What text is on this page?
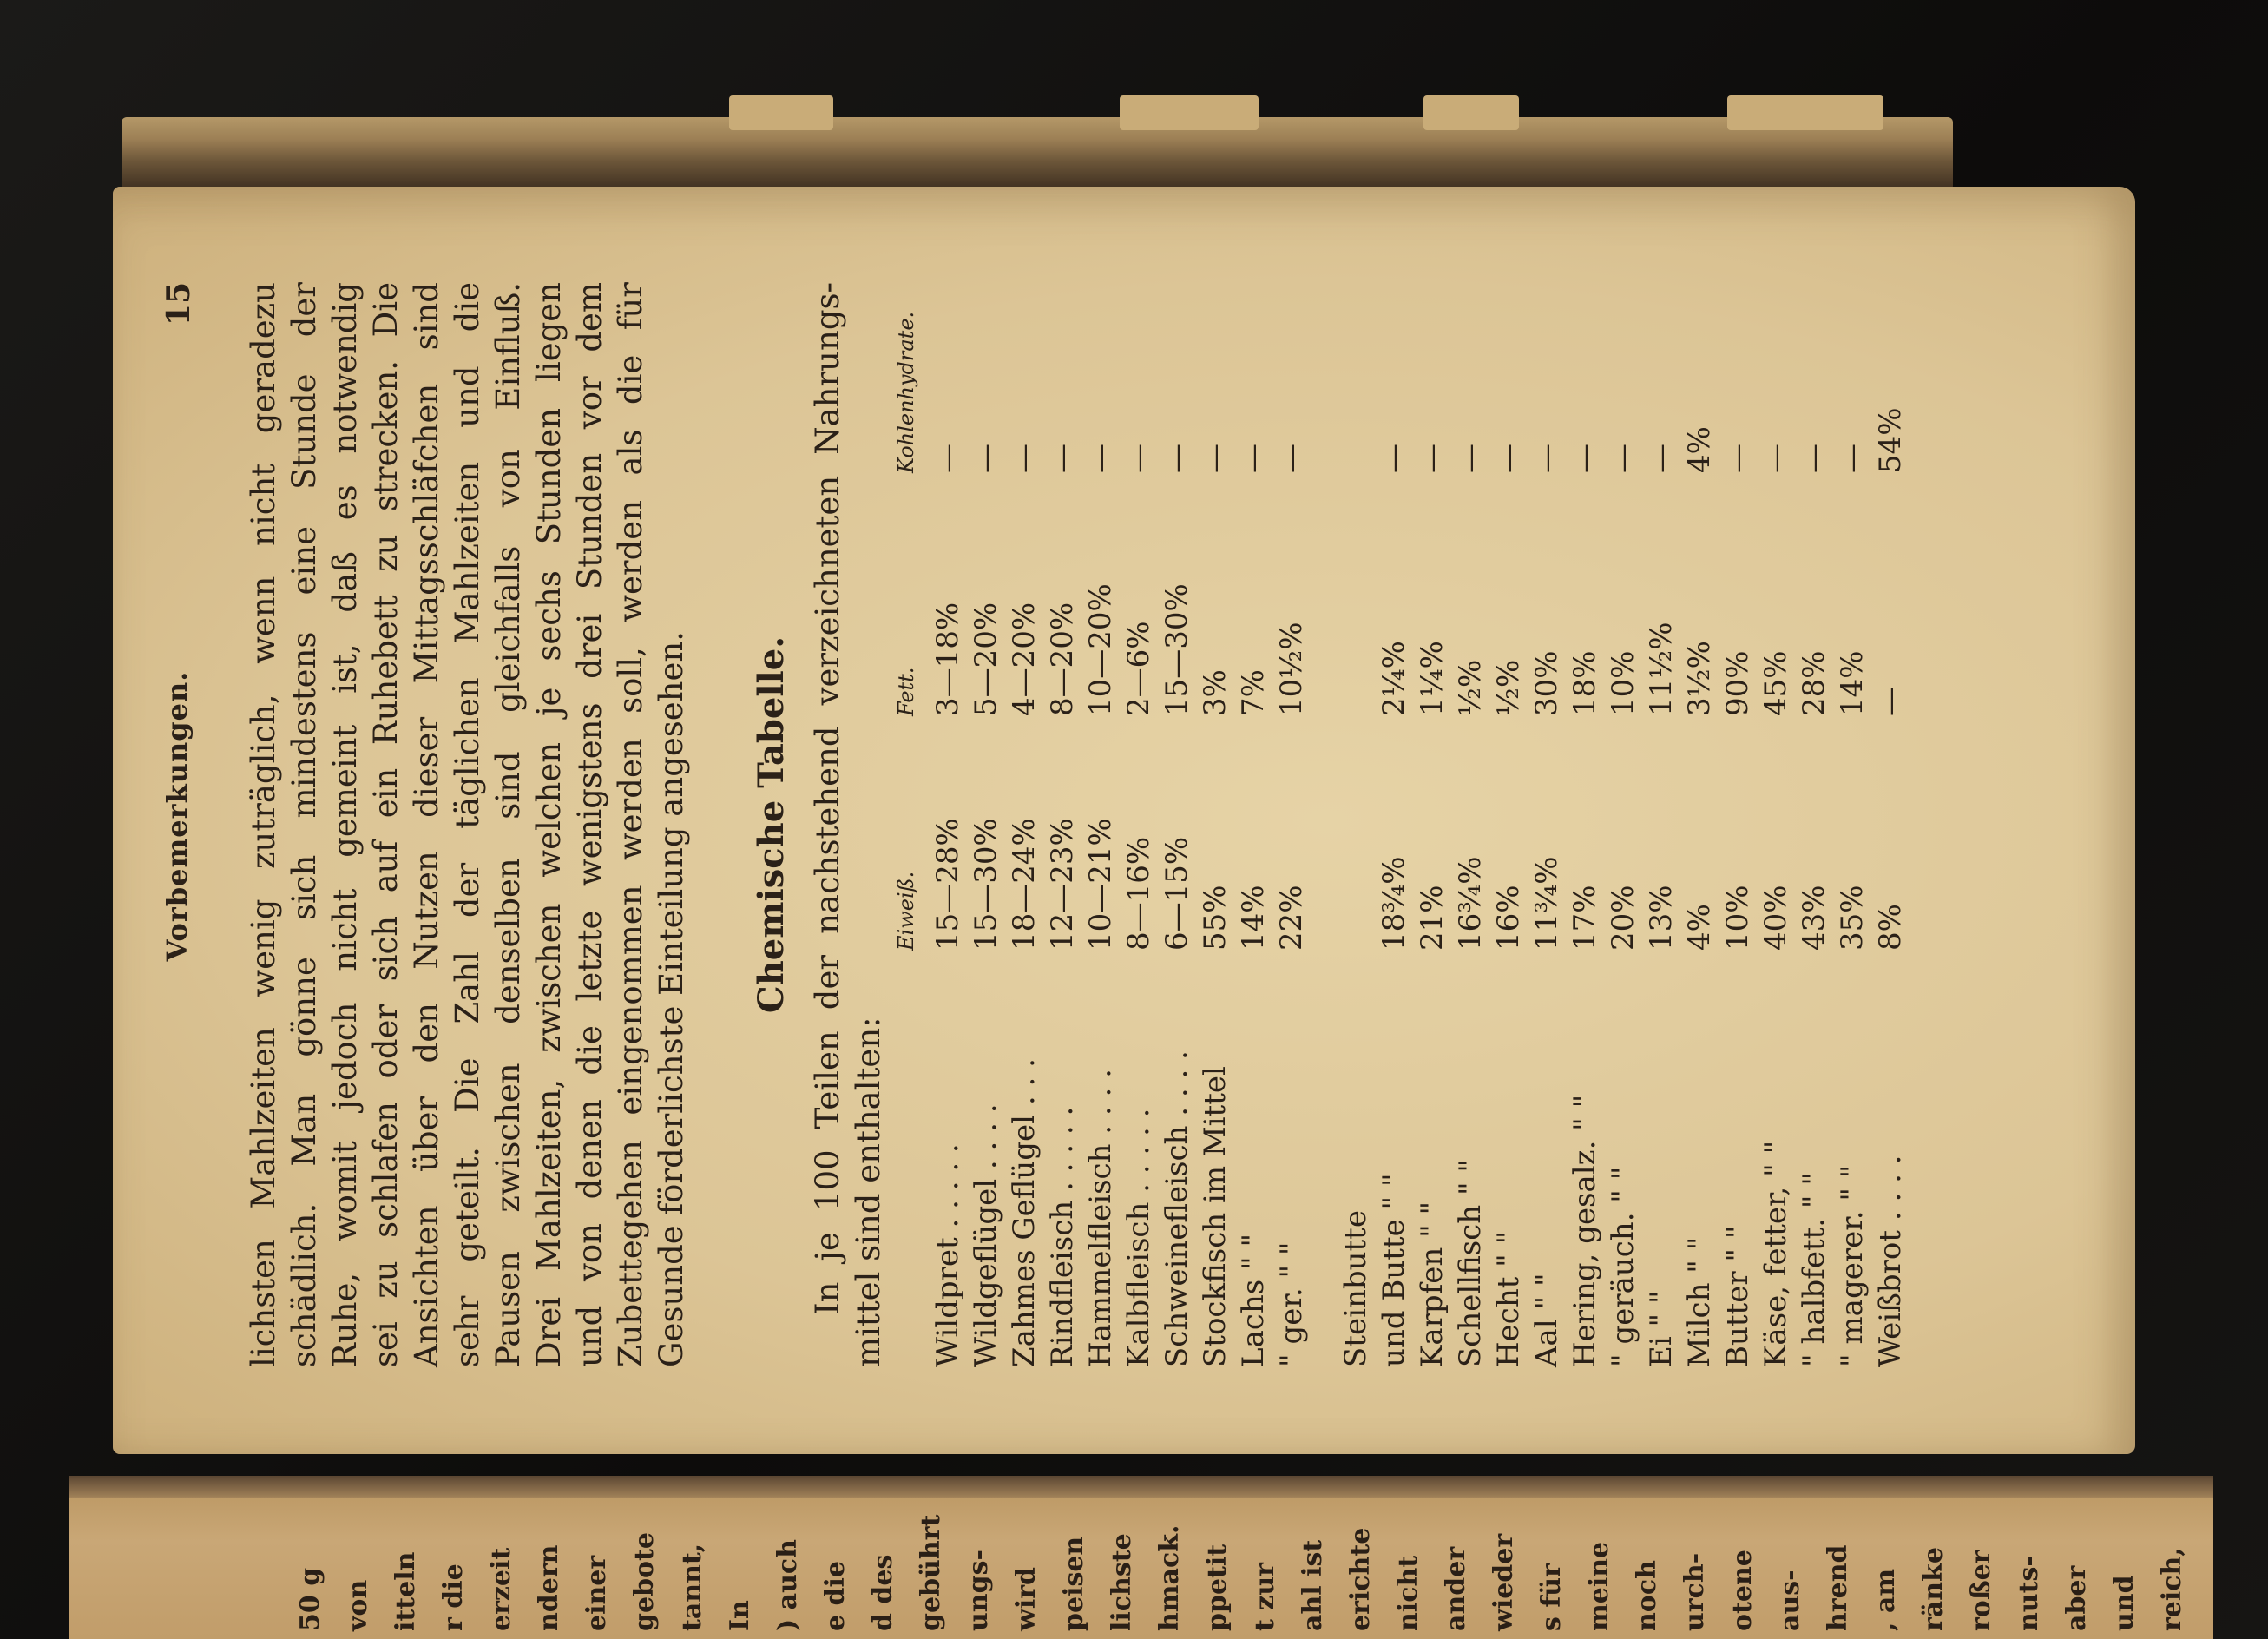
50 g von itteln r die erzeit ndern einer gebote tannt, In ) auch e die d des gebührt ungs- wird peisen lichste hmack. ppetit t zur ahl ist erichte nicht ander wieder s für meine noch urch- otene aus- hrend , am ränke roßer nuts- aber und reich,
Vorbemerkungen.
15 lichsten Mahlzeiten wenig zuträglich, wenn nicht geradezu schädlich. Man gönne sich mindestens eine Stunde der Ruhe, womit jedoch nicht gemeint ist, daß es notwendig sei zu schlafen oder sich auf ein Ruhebett zu strecken. Die Ansichten über den Nutzen dieser Mittagsschläfchen sind sehr geteilt. Die Zahl der täglichen Mahlzeiten und die Pausen zwischen denselben sind gleichfalls von Einfluß. Drei Mahlzeiten, zwischen welchen je sechs Stunden liegen und von denen die letzte wenigstens drei Stunden vor dem Zubettegehen eingenommen werden soll, werden als die für Gesunde förderlichste Einteilung angesehen. Chemische Tabelle. In je 100 Teilen der nachstehend verzeichneten Nahrungs- mittel sind enthalten:
Eiweiß.
Fett.
Kohlenhydrate.
Wildpret . . . . .
15—28%
3—18%
—
Wildgeflügel . . . .
15—30%
5—20%
—
Zahmes Geflügel . . .
18—24%
4—20%
—
Rindfleisch . . . . .
12—23%
8—20%
—
Hammelfleisch . . . .
10—21%
10—20%
—
Kalbfleisch . . . . .
8—16%
2—6%
—
Schweinefleisch . . . .
6—15%
15—30%
—
Stockfisch im Mittel
55%
3%
—
Lachs " "
14%
7%
—
" ger. " "
22%
10½%
—
Steinbutte und Butte " "
18¾%
2¼%
—
Karpfen " "
21%
1¼%
—
Schellfisch " "
16¾%
½%
—
Hecht " "
16%
½%
—
Aal " "
11¾%
30%
—
Hering, gesalz. " "
17%
18%
—
" geräuch. " "
20%
10%
—
Ei " "
13%
11½%
—
Milch " "
4%
3½%
4%
Butter " "
10%
90%
—
Käse, fetter, " "
40%
45%
—
" halbfett. " "
43%
28%
—
" magerer. " "
35%
14%
—
Weißbrot . . . .
8%
—
54%
